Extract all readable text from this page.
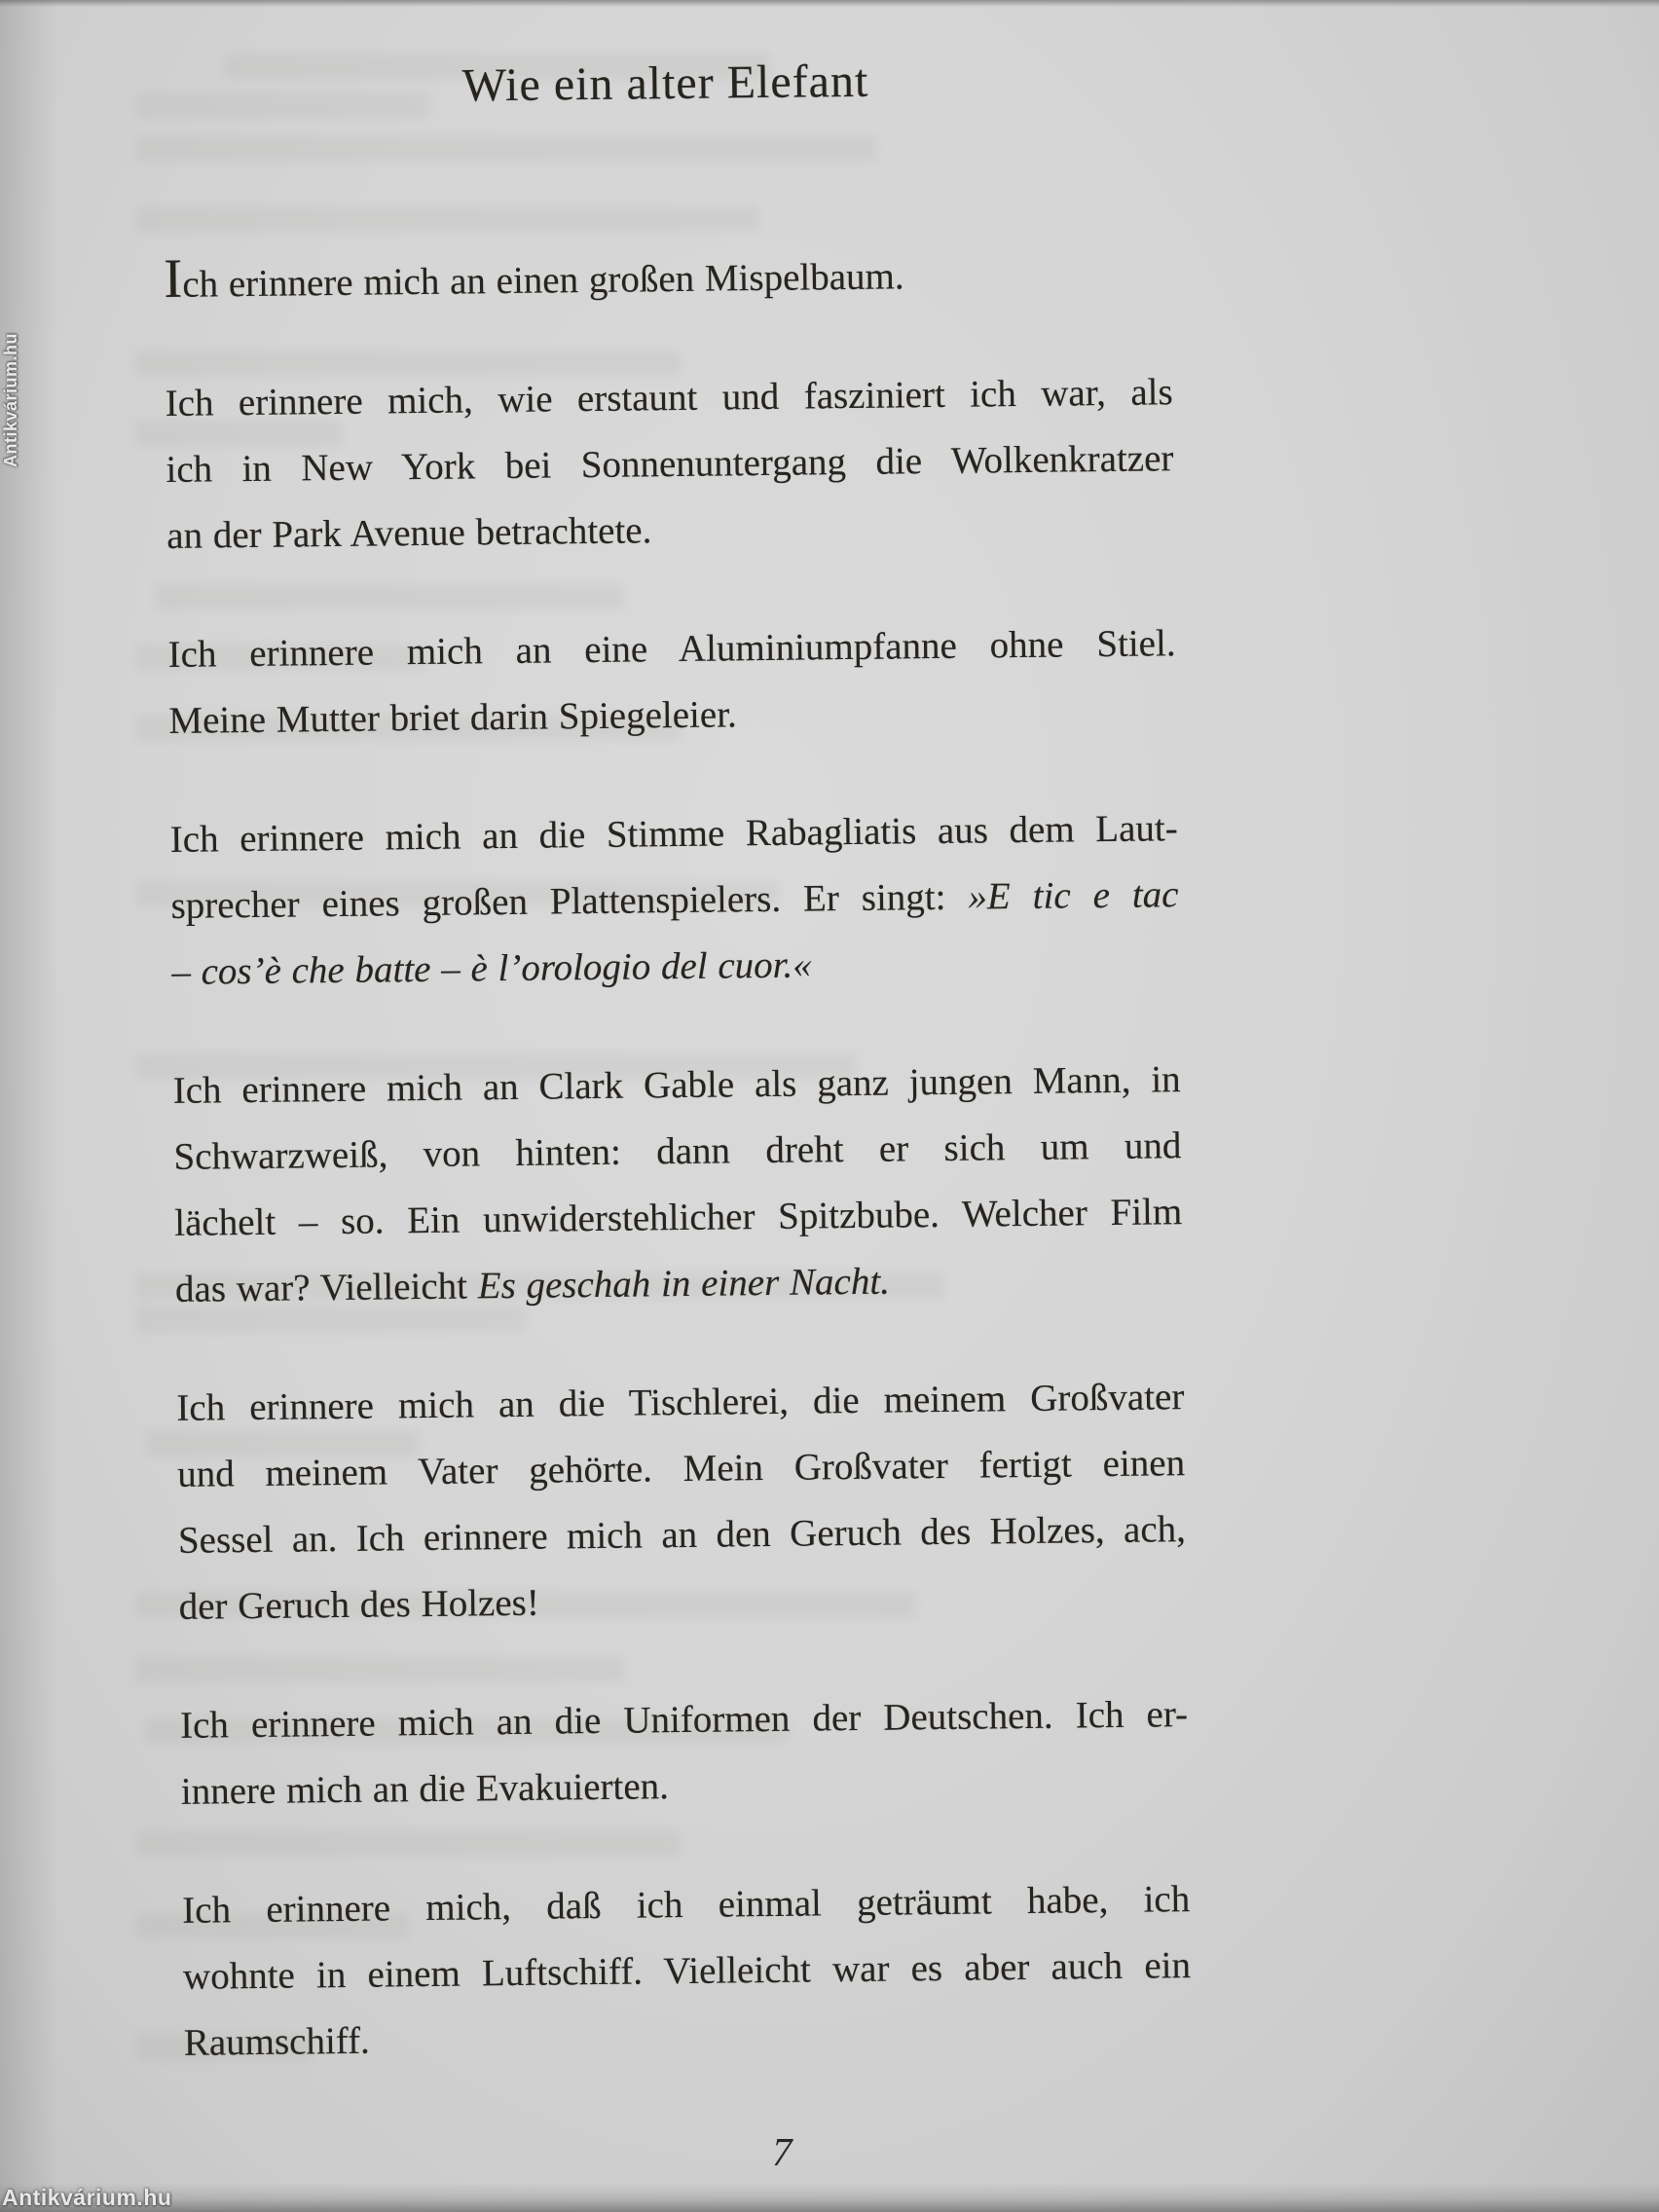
Wie ein alter Elefant
Ich erinnere mich an einen großen Mispelbaum.
Ich erinnere mich, wie erstaunt und fasziniert ich war, als
ich in New York bei Sonnenuntergang die Wolkenkratzer
an der Park Avenue betrachtete.
Ich erinnere mich an eine Aluminiumpfanne ohne Stiel.
Meine Mutter briet darin Spiegeleier.
Ich erinnere mich an die Stimme Rabagliatis aus dem Laut-
sprecher eines großen Plattenspielers. Er singt: »E tic e tac
– cos’è che batte – è l’orologio del cuor.«
Ich erinnere mich an Clark Gable als ganz jungen Mann, in
Schwarzweiß, von hinten: dann dreht er sich um und
lächelt – so. Ein unwiderstehlicher Spitzbube. Welcher Film
das war? Vielleicht Es geschah in einer Nacht.
Ich erinnere mich an die Tischlerei, die meinem Großvater
und meinem Vater gehörte. Mein Großvater fertigt einen
Sessel an. Ich erinnere mich an den Geruch des Holzes, ach,
der Geruch des Holzes!
Ich erinnere mich an die Uniformen der Deutschen. Ich er-
innere mich an die Evakuierten.
Ich erinnere mich, daß ich einmal geträumt habe, ich
wohnte in einem Luftschiff. Vielleicht war es aber auch ein
Raumschiff.
7
Antikvárium.hu
Antikvárium.hu
